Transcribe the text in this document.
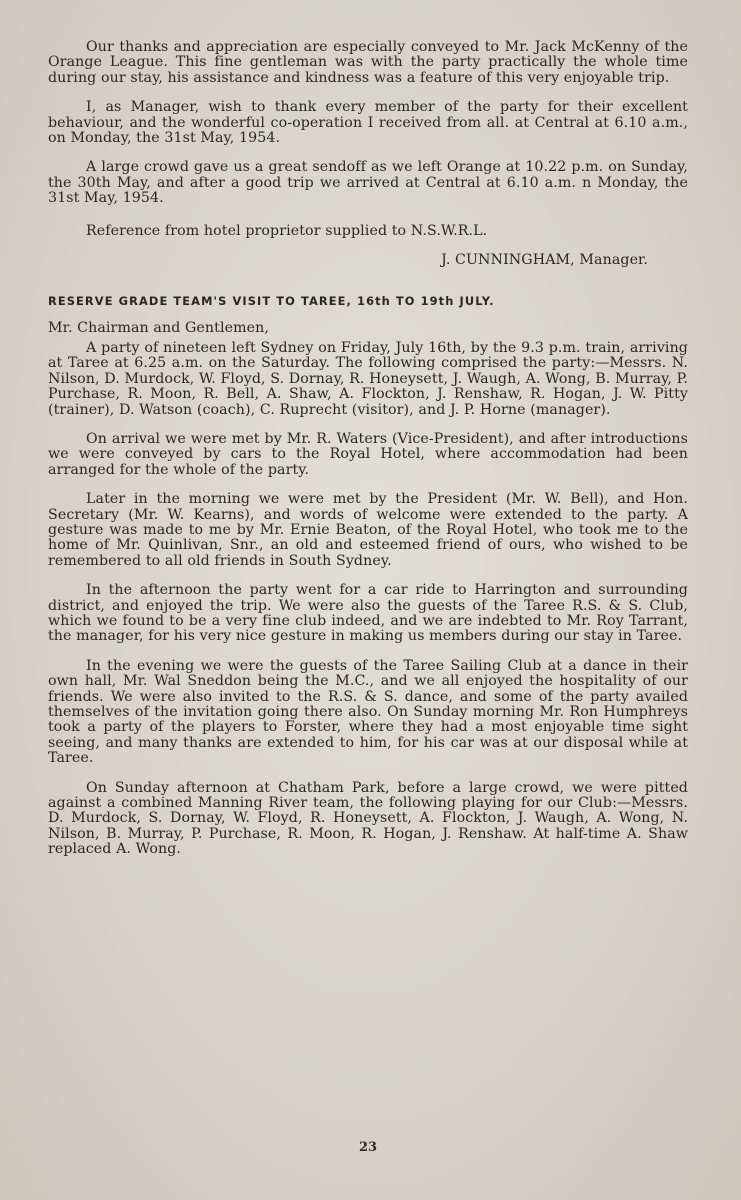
Our thanks and appreciation are especially conveyed to Mr. Jack McKenny of the Orange League. This fine gentleman was with the party practically the whole time during our stay, his assistance and kindness was a feature of this very enjoyable trip.

I, as Manager, wish to thank every member of the party for their excellent behaviour, and the wonderful co-operation I received from all. at Central at 6.10 a.m., on Monday, the 31st May, 1954.

A large crowd gave us a great sendoff as we left Orange at 10.22 p.m. on Sunday, the 30th May, and after a good trip we arrived at Central at 6.10 a.m. n Monday, the 31st May, 1954.

Reference from hotel proprietor supplied to N.S.W.R.L.

J. CUNNINGHAM, Manager.

RESERVE GRADE TEAM'S VISIT TO TAREE, 16th TO 19th JULY.

Mr. Chairman and Gentlemen,

A party of nineteen left Sydney on Friday, July 16th, by the 9.3 p.m. train, arriving at Taree at 6.25 a.m. on the Saturday. The following comprised the party:—Messrs. N. Nilson, D. Murdock, W. Floyd, S. Dornay, R. Honeysett, J. Waugh, A. Wong, B. Murray, P. Purchase, R. Moon, R. Bell, A. Shaw, A. Flockton, J. Renshaw, R. Hogan, J. W. Pitty (trainer), D. Watson (coach), C. Ruprecht (visitor), and J. P. Horne (manager).

On arrival we were met by Mr. R. Waters (Vice-President), and after introductions we were conveyed by cars to the Royal Hotel, where accommodation had been arranged for the whole of the party.

Later in the morning we were met by the President (Mr. W. Bell), and Hon. Secretary (Mr. W. Kearns), and words of welcome were extended to the party. A gesture was made to me by Mr. Ernie Beaton, of the Royal Hotel, who took me to the home of Mr. Quinlivan, Snr., an old and esteemed friend of ours, who wished to be remembered to all old friends in South Sydney.

In the afternoon the party went for a car ride to Harrington and surrounding district, and enjoyed the trip. We were also the guests of the Taree R.S. & S. Club, which we found to be a very fine club indeed, and we are indebted to Mr. Roy Tarrant, the manager, for his very nice gesture in making us members during our stay in Taree.

In the evening we were the guests of the Taree Sailing Club at a dance in their own hall, Mr. Wal Sneddon being the M.C., and we all enjoyed the hospitality of our friends. We were also invited to the R.S. & S. dance, and some of the party availed themselves of the invitation going there also. On Sunday morning Mr. Ron Humphreys took a party of the players to Forster, where they had a most enjoyable time sight seeing, and many thanks are extended to him, for his car was at our disposal while at Taree.

On Sunday afternoon at Chatham Park, before a large crowd, we were pitted against a combined Manning River team, the following playing for our Club:—Messrs. D. Murdock, S. Dornay, W. Floyd, R. Honeysett, A. Flockton, J. Waugh, A. Wong, N. Nilson, B. Murray, P. Purchase, R. Moon, R. Hogan, J. Renshaw. At half-time A. Shaw replaced A. Wong.

23
